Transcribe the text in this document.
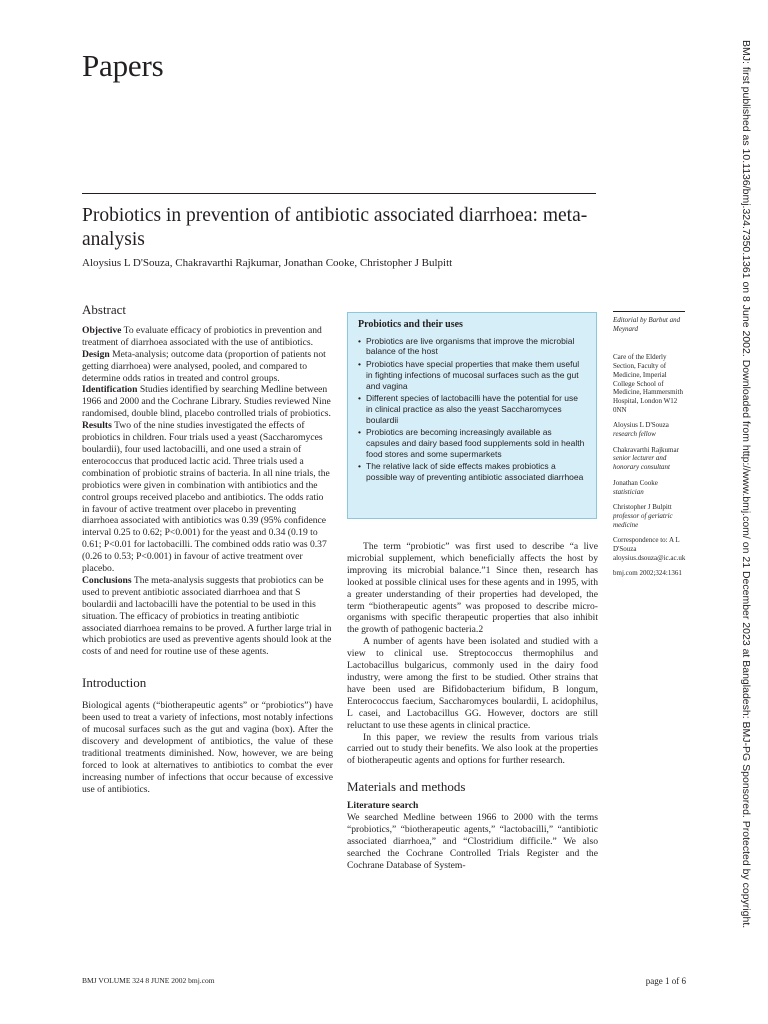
Papers
Probiotics in prevention of antibiotic associated diarrhoea: meta-analysis
Aloysius L D'Souza, Chakravarthi Rajkumar, Jonathan Cooke, Christopher J Bulpitt
Abstract

Objective To evaluate efficacy of probiotics in prevention and treatment of diarrhoea associated with the use of antibiotics.

Design Meta-analysis; outcome data (proportion of patients not getting diarrhoea) were analysed, pooled, and compared to determine odds ratios in treated and control groups.

Identification Studies identified by searching Medline between 1966 and 2000 and the Cochrane Library. Studies reviewed Nine randomised, double blind, placebo controlled trials of probiotics.

Results Two of the nine studies investigated the effects of probiotics in children. Four trials used a yeast (Saccharomyces boulardii), four used lactobacilli, and one used a strain of enterococcus that produced lactic acid. Three trials used a combination of probiotic strains of bacteria. In all nine trials, the probiotics were given in combination with antibiotics and the control groups received placebo and antibiotics. The odds ratio in favour of active treatment over placebo in preventing diarrhoea associated with antibiotics was 0.39 (95% confidence interval 0.25 to 0.62; P<0.001) for the yeast and 0.34 (0.19 to 0.61; P<0.01 for lactobacilli. The combined odds ratio was 0.37 (0.26 to 0.53; P<0.001) in favour of active treatment over placebo.

Conclusions The meta-analysis suggests that probiotics can be used to prevent antibiotic associated diarrhoea and that S boulardii and lactobacilli have the potential to be used in this situation. The efficacy of probiotics in treating antibiotic associated diarrhoea remains to be proved. A further large trial in which probiotics are used as preventive agents should look at the costs of and need for routine use of these agents.

Introduction

Biological agents (“biotherapeutic agents” or “probiotics”) have been used to treat a variety of infections, most notably infections of mucosal surfaces such as the gut and vagina (box). After the discovery and development of antibiotics, the value of these traditional treatments diminished. Now, however, we are being forced to look at alternatives to antibiotics to combat the ever increasing number of infections that occur because of excessive use of antibiotics.

Probiotics and their uses
• Probiotics are live organisms that improve the microbial balance of the host
• Probiotics have special properties that make them useful in fighting infections of mucosal surfaces such as the gut and vagina
• Different species of lactobacilli have the potential for use in clinical practice as also the yeast Saccharomyces boulardii
• Probiotics are becoming increasingly available as capsules and dairy based food supplements sold in health food stores and some supermarkets
• The relative lack of side effects makes probiotics a possible way of preventing antibiotic associated diarrhoea

The term “probiotic” was first used to describe “a live microbial supplement, which beneficially affects the host by improving its microbial balance.”1 Since then, research has looked at possible clinical uses for these agents and in 1995, with a greater understanding of their properties had developed, the term “biotherapeutic agents” was proposed to describe micro-organisms with specific therapeutic properties that also inhibit the growth of pathogenic bacteria.2

A number of agents have been isolated and studied with a view to clinical use. Streptococcus thermophilus and Lactobacillus bulgaricus, commonly used in the dairy food industry, were among the first to be studied. Other strains that have been used are Bifidobacterium bifidum, B longum, Enterococcus faecium, Saccharomyces boulardii, L acidophilus, L casei, and Lactobacillus GG. However, doctors are still reluctant to use these agents in clinical practice.

In this paper, we review the results from various trials carried out to study their benefits. We also look at the properties of biotherapeutic agents and options for further research.

Materials and methods
Literature search

We searched Medline between 1966 to 2000 with the terms “probiotics,” “biotherapeutic agents,” “lactobacilli,” “antibiotic associated diarrhoea,” and “Clostridium difficile.” We also searched the Cochrane Controlled Trials Register and the Cochrane Database of System-

Editorial by Barbut and Meynard
Care of the Elderly Section, Faculty of Medicine, Imperial College School of Medicine, Hammersmith Hospital, London W12 0NN
Aloysius L D'Souza
research fellow
Chakravarthi Rajkumar
senior lecturer and honorary consultant
Jonathan Cooke
statistician
Christopher J Bulpitt
professor of geriatric medicine
Correspondence to: A L D'Souza aloysius.dsouza@ic.ac.uk
bmj.com 2002;324:1361	BMJ: first published as 10.1136/bmj.324.7350.1361 on 8 June 2002. Downloaded from http://www.bmj.com/ on 21 December 2023 at Bangladesh: BMJ-PG Sponsored. Protected by copyright.
BMJ VOLUME 324 8 JUNE 2002 bmj.com	page 1 of 6
